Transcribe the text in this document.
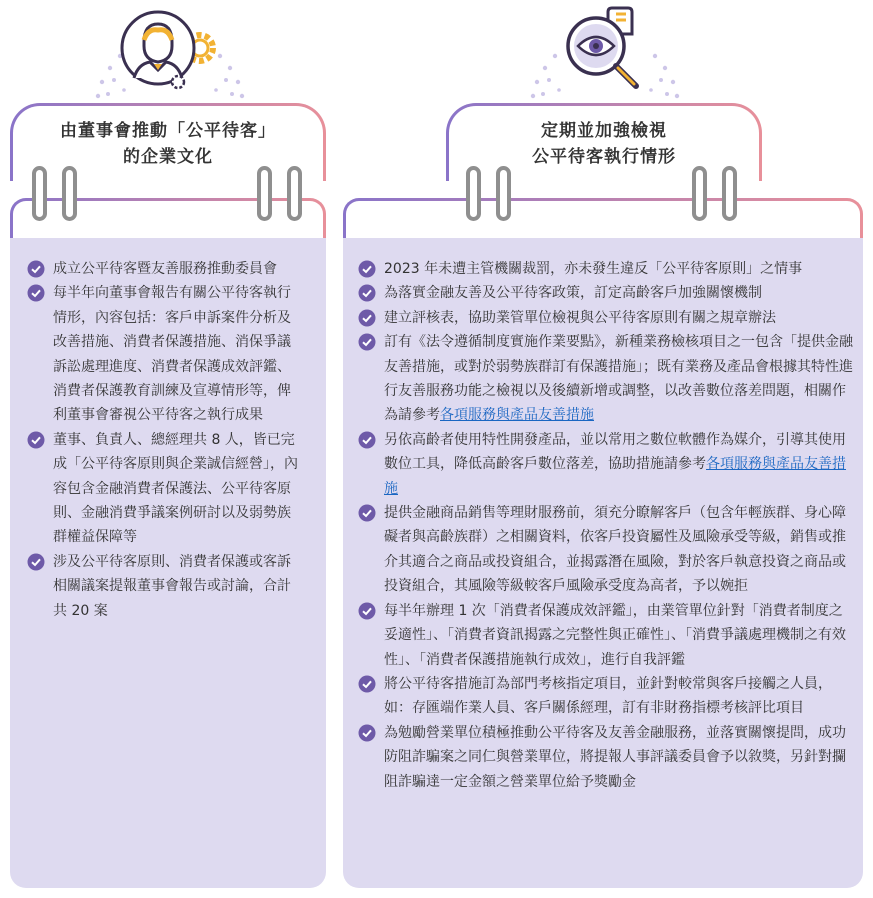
由董事會推動「公平待客」
的企業文化
成立公平待客暨友善服務推動委員會
每半年向董事會報告有關公平待客執行情形，內容包括：客戶申訴案件分析及改善措施、消費者保護措施、消保爭議訴訟處理進度、消費者保護成效評鑑、消費者保護教育訓練及宣導情形等，俾利董事會審視公平待客之執行成果
董事、負責人、總經理共 8 人，皆已完成「公平待客原則與企業誠信經營」，內容包含金融消費者保護法、公平待客原則、金融消費爭議案例研討以及弱勢族群權益保障等
涉及公平待客原則、消費者保護或客訴相關議案提報董事會報告或討論，合計共 20 案
定期並加強檢視
公平待客執行情形
2023 年未遭主管機關裁罰，亦未發生違反「公平待客原則」之情事
為落實金融友善及公平待客政策，訂定高齡客戶加強關懷機制
建立評核表，協助業管單位檢視與公平待客原則有關之規章辦法
訂有《法令遵循制度實施作業要點》，新種業務檢核項目之一包含「提供金融友善措施，或對於弱勢族群訂有保護措施」；既有業務及產品會根據其特性進行友善服務功能之檢視以及後續新增或調整，以改善數位落差問題，相關作為請參考各項服務與產品友善措施
另依高齡者使用特性開發產品，並以常用之數位軟體作為媒介，引導其使用數位工具，降低高齡客戶數位落差，協助措施請參考各項服務與產品友善措施
提供金融商品銷售等理財服務前，須充分瞭解客戶（包含年輕族群、身心障礙者與高齡族群）之相關資料，依客戶投資屬性及風險承受等級，銷售或推介其適合之商品或投資組合，並揭露潛在風險，對於客戶執意投資之商品或投資組合，其風險等級較客戶風險承受度為高者，予以婉拒
每半年辦理 1 次「消費者保護成效評鑑」，由業管單位針對「消費者制度之妥適性」、「消費者資訊揭露之完整性與正確性」、「消費爭議處理機制之有效性」、「消費者保護措施執行成效」，進行自我評鑑
將公平待客措施訂為部門考核指定項目，並針對較常與客戶接觸之人員，如：存匯端作業人員、客戶關係經理，訂有非財務指標考核評比項目
為勉勵營業單位積極推動公平待客及友善金融服務，並落實關懷提問，成功防阻詐騙案之同仁與營業單位，將提報人事評議委員會予以敘獎，另針對攔阻詐騙達一定金額之營業單位給予獎勵金
